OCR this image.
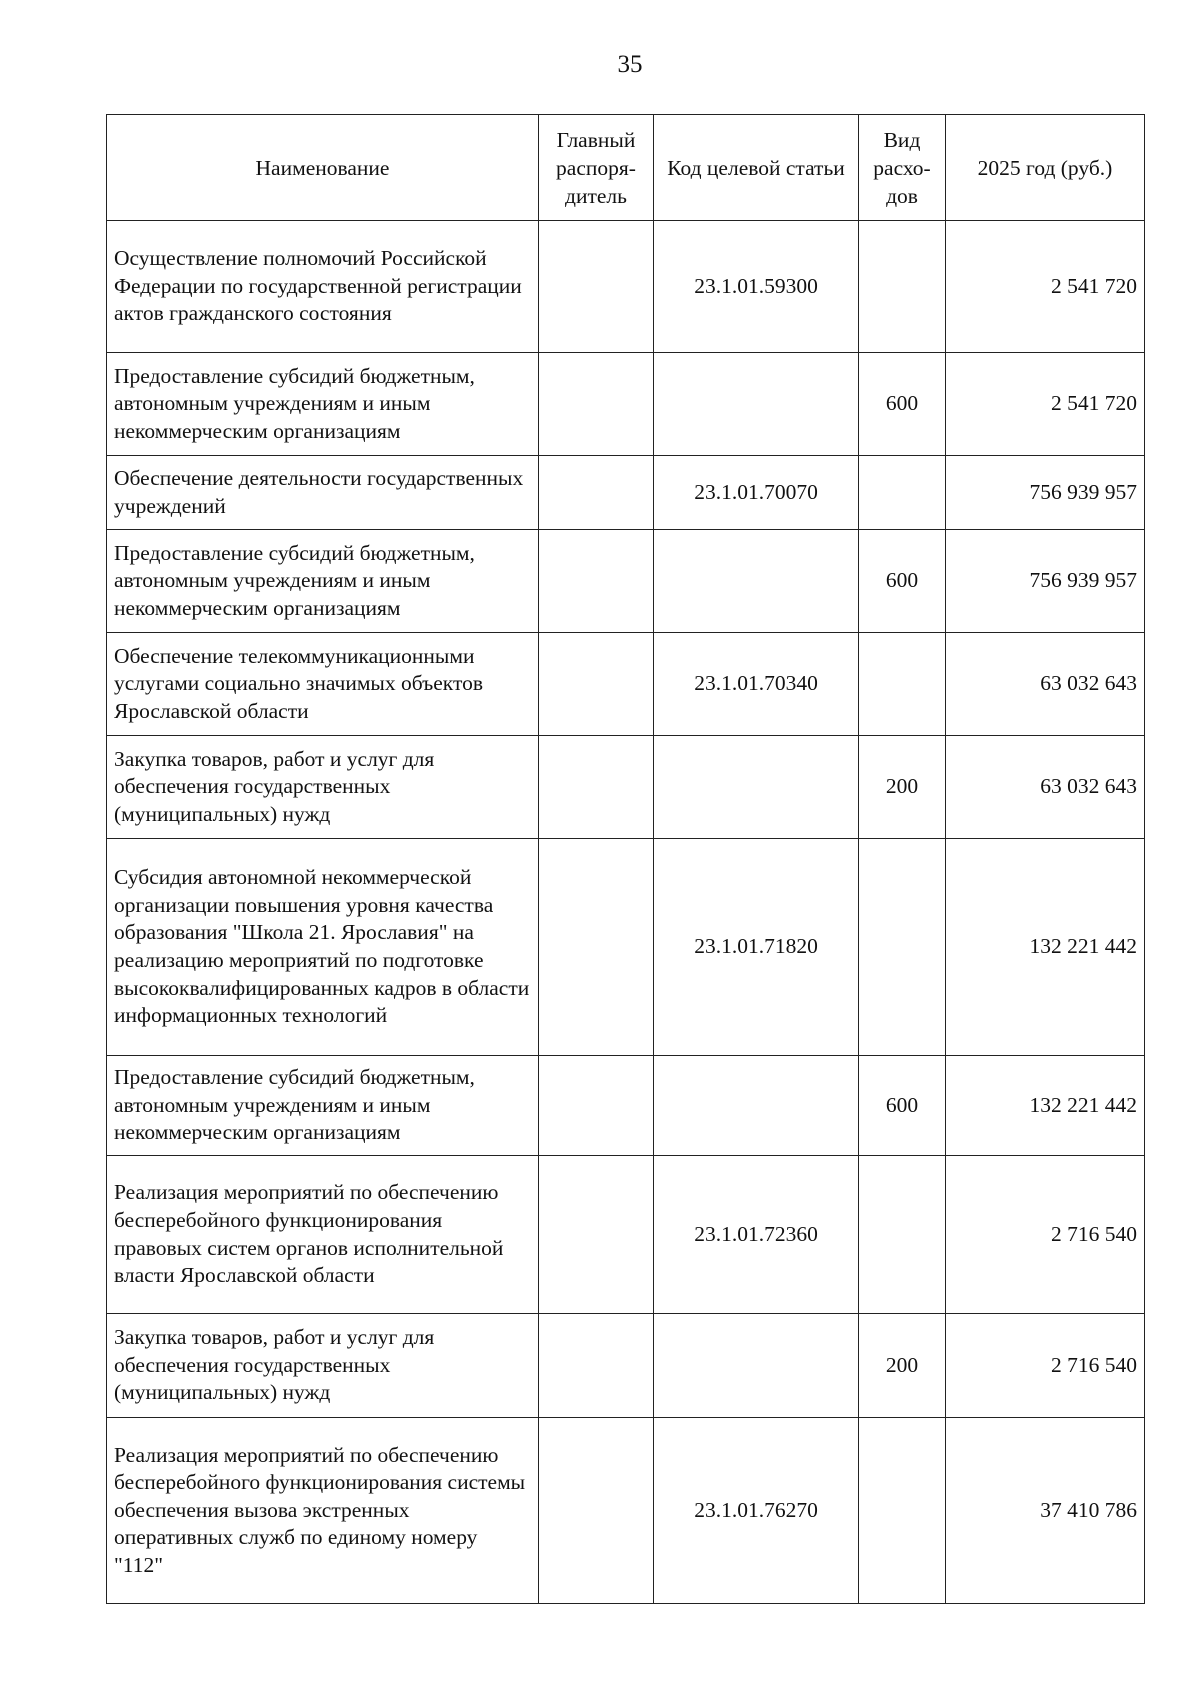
35
Наименование	Главный распоря-дитель	Код целевой статьи	Вид расхо-дов	2025 год (руб.)
Осуществление полномочий Российской Федерации по государственной регистрации актов гражданского состояния		23.1.01.59300		2 541 720
Предоставление субсидий бюджетным, автономным учреждениям и иным некоммерческим организациям			600	2 541 720
Обеспечение деятельности государственных учреждений		23.1.01.70070		756 939 957
Предоставление субсидий бюджетным, автономным учреждениям и иным некоммерческим организациям			600	756 939 957
Обеспечение телекоммуникационными услугами социально значимых объектов Ярославской области		23.1.01.70340		63 032 643
Закупка товаров, работ и услуг для обеспечения государственных (муниципальных) нужд			200	63 032 643
Субсидия автономной некоммерческой организации повышения уровня качества образования "Школа 21. Ярославия" на реализацию мероприятий по подготовке высококвалифицированных кадров в области информационных технологий		23.1.01.71820		132 221 442
Предоставление субсидий бюджетным, автономным учреждениям и иным некоммерческим организациям			600	132 221 442
Реализация мероприятий по обеспечению бесперебойного функционирования правовых систем органов исполнительной власти Ярославской области		23.1.01.72360		2 716 540
Закупка товаров, работ и услуг для обеспечения государственных (муниципальных) нужд			200	2 716 540
Реализация мероприятий по обеспечению бесперебойного функционирования системы обеспечения вызова экстренных оперативных служб по единому номеру "112"		23.1.01.76270		37 410 786
